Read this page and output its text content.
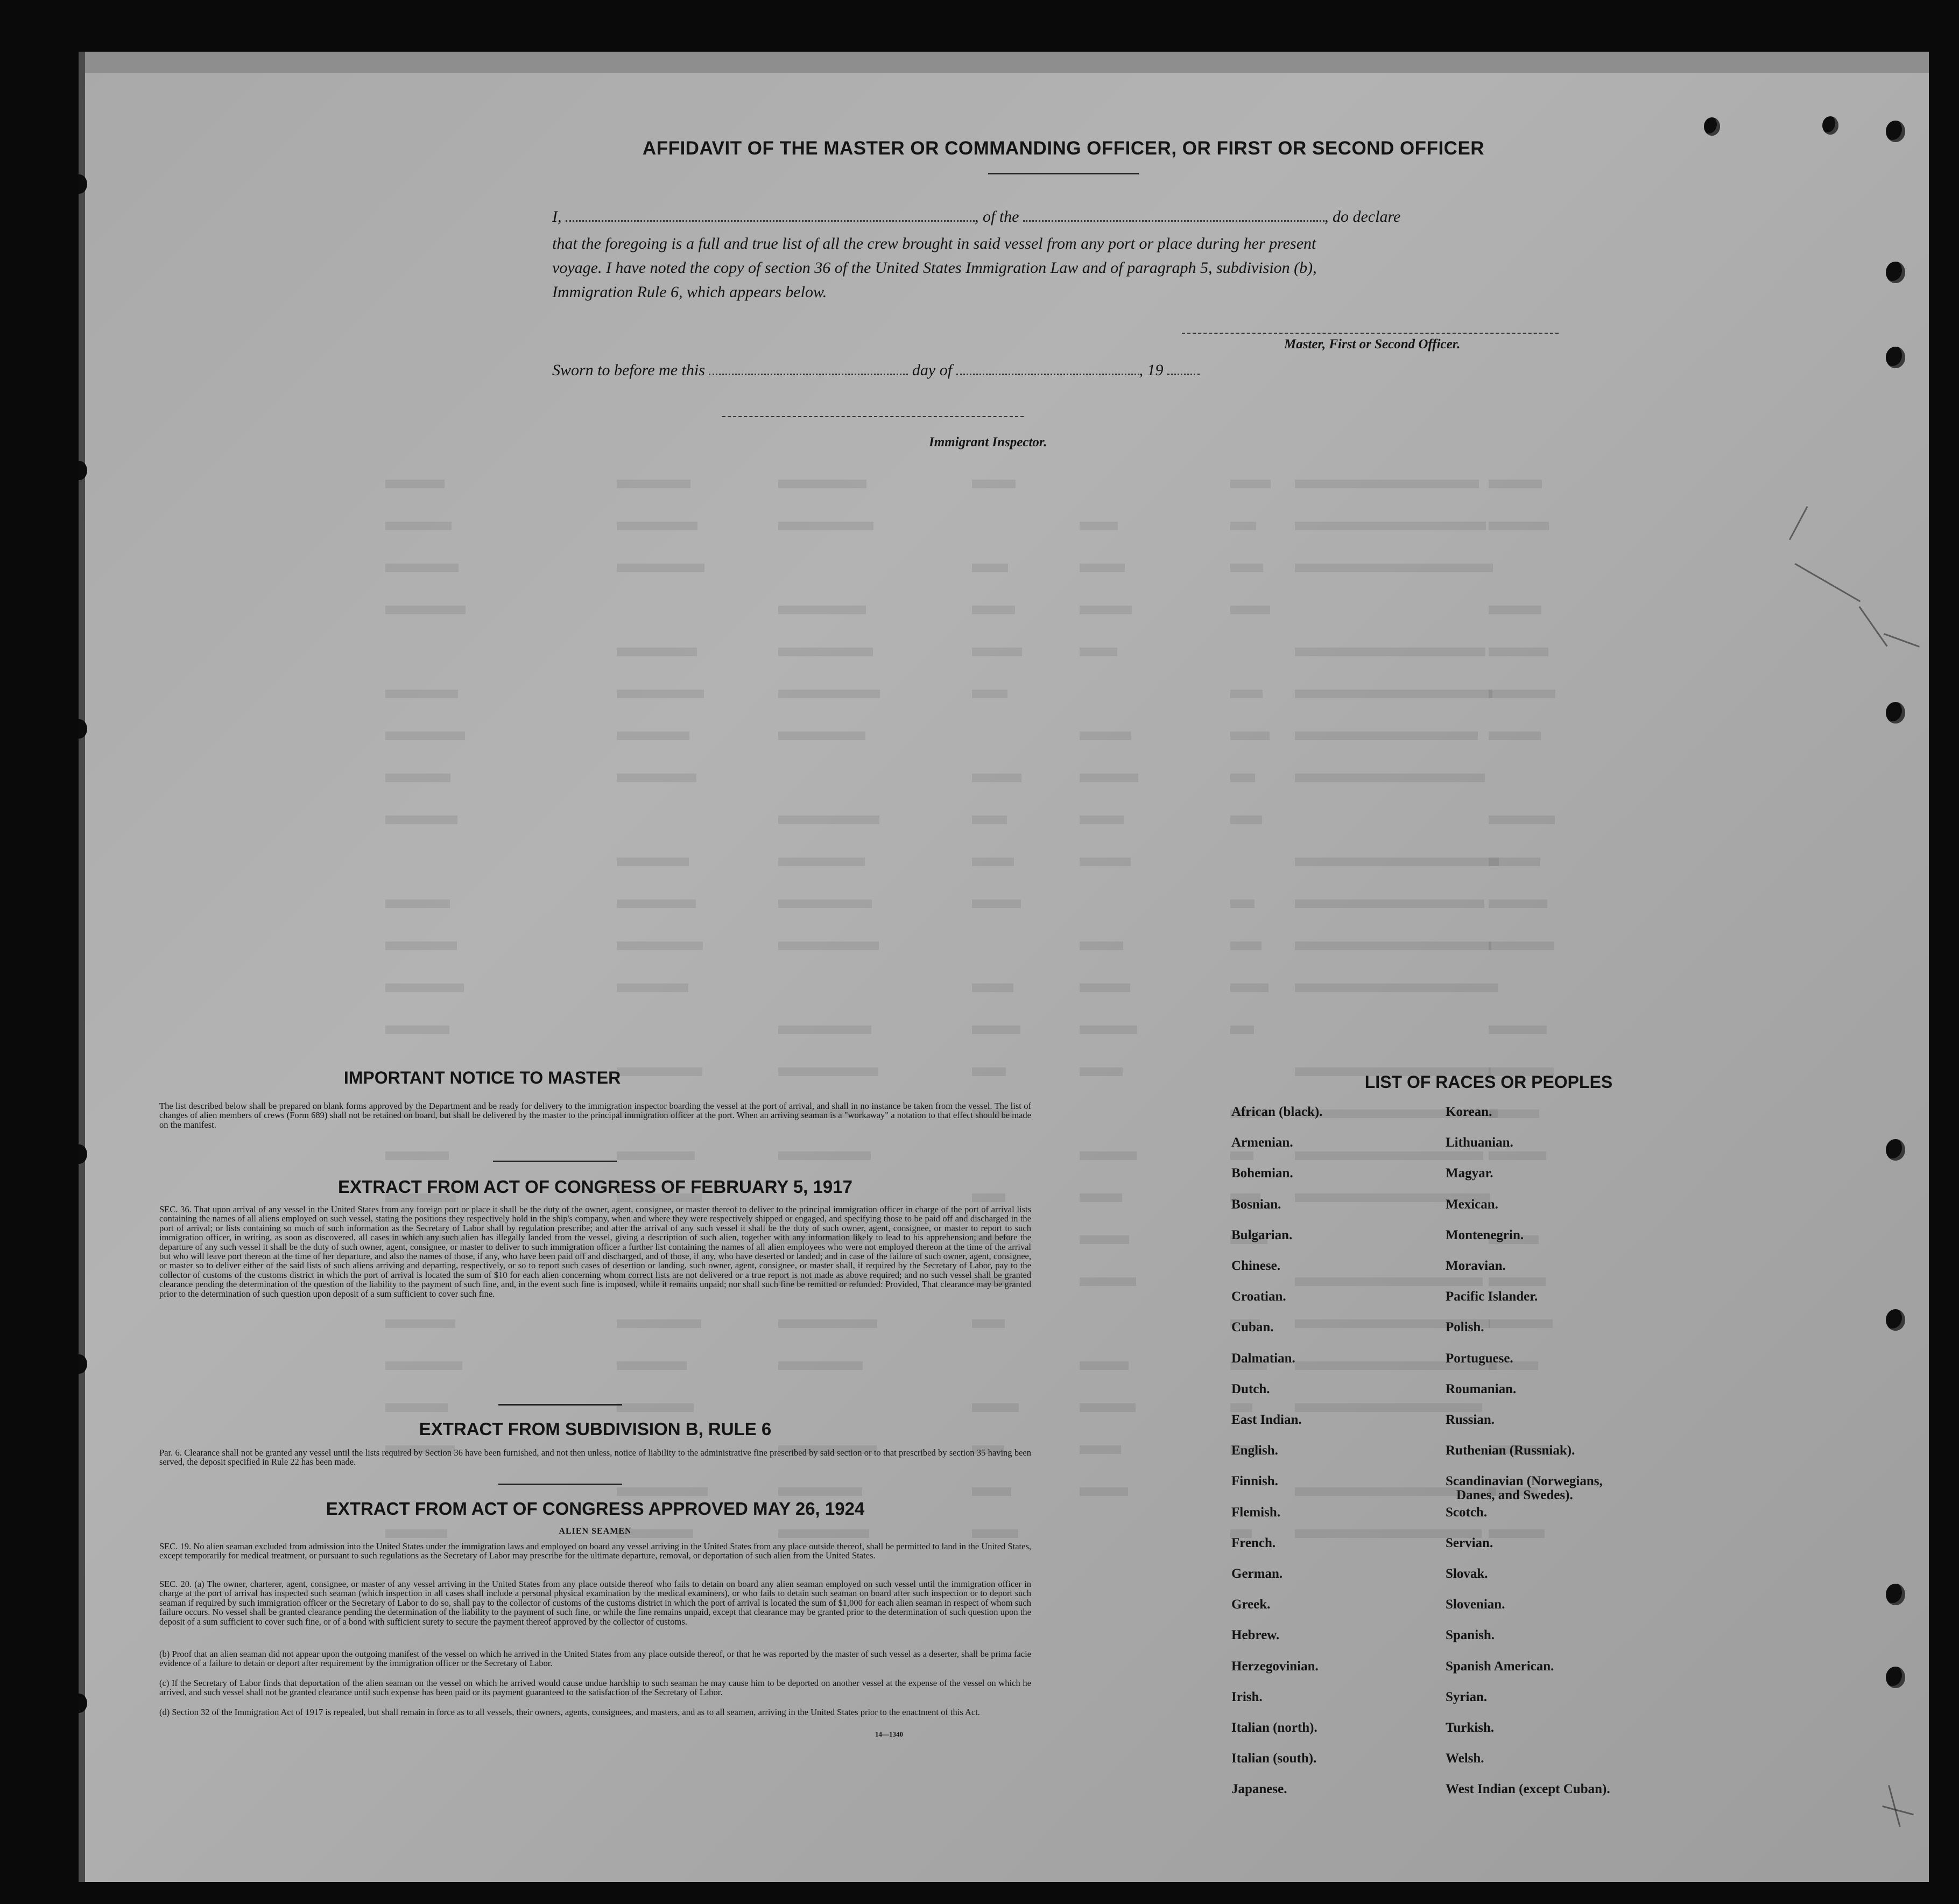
AFFIDAVIT OF THE MASTER OR COMMANDING OFFICER, OR FIRST OR SECOND OFFICER
I,	, of the	, do declare
that the foregoing is a full and true list of all the crew brought in said vessel from any port or place during her present
voyage. I have noted the copy of section 36 of the United States Immigration Law and of paragraph 5, subdivision (b),
Immigration Rule 6, which appears below.
Master, First or Second Officer.
Sworn to before me this	day of	, 19
Immigrant Inspector.
IMPORTANT NOTICE TO MASTER
The list described below shall be prepared on blank forms approved by the Department and be ready for delivery to the immigration inspector boarding the vessel at the port of arrival, and shall in no instance be taken from the vessel. The list of changes of alien members of crews (Form 689) shall not be retained on board, but shall be delivered by the master to the principal immigration officer at the port. When an arriving seaman is a "workaway" a notation to that effect should be made on the manifest.
EXTRACT FROM ACT OF CONGRESS OF FEBRUARY 5, 1917
SEC. 36. That upon arrival of any vessel in the United States from any foreign port or place it shall be the duty of the owner, agent, consignee, or master thereof to deliver to the principal immigration officer in charge of the port of arrival lists containing the names of all aliens employed on such vessel, stating the positions they respectively hold in the ship's company, when and where they were respectively shipped or engaged, and specifying those to be paid off and discharged in the port of arrival; or lists containing so much of such information as the Secretary of Labor shall by regulation prescribe; and after the arrival of any such vessel it shall be the duty of such owner, agent, consignee, or master to report to such immigration officer, in writing, as soon as discovered, all cases in which any such alien has illegally landed from the vessel, giving a description of such alien, together with any information likely to lead to his apprehension; and before the departure of any such vessel it shall be the duty of such owner, agent, consignee, or master to deliver to such immigration officer a further list containing the names of all alien employees who were not employed thereon at the time of the arrival but who will leave port thereon at the time of her departure, and also the names of those, if any, who have been paid off and discharged, and of those, if any, who have deserted or landed; and in case of the failure of such owner, agent, consignee, or master so to deliver either of the said lists of such aliens arriving and departing, respectively, or so to report such cases of desertion or landing, such owner, agent, consignee, or master shall, if required by the Secretary of Labor, pay to the collector of customs of the customs district in which the port of arrival is located the sum of $10 for each alien concerning whom correct lists are not delivered or a true report is not made as above required; and no such vessel shall be granted clearance pending the determination of the question of the liability to the payment of such fine, and, in the event such fine is imposed, while it remains unpaid; nor shall such fine be remitted or refunded: Provided, That clearance may be granted prior to the determination of such question upon deposit of a sum sufficient to cover such fine.
EXTRACT FROM SUBDIVISION B, RULE 6
Par. 6. Clearance shall not be granted any vessel until the lists required by Section 36 have been furnished, and not then unless, notice of liability to the administrative fine prescribed by said section or to that prescribed by section 35 having been served, the deposit specified in Rule 22 has been made.
EXTRACT FROM ACT OF CONGRESS APPROVED MAY 26, 1924
ALIEN SEAMEN
SEC. 19. No alien seaman excluded from admission into the United States under the immigration laws and employed on board any vessel arriving in the United States from any place outside thereof, shall be permitted to land in the United States, except temporarily for medical treatment, or pursuant to such regulations as the Secretary of Labor may prescribe for the ultimate departure, removal, or deportation of such alien from the United States.
SEC. 20. (a) The owner, charterer, agent, consignee, or master of any vessel arriving in the United States from any place outside thereof who fails to detain on board any alien seaman employed on such vessel until the immigration officer in charge at the port of arrival has inspected such seaman (which inspection in all cases shall include a personal physical examination by the medical examiners), or who fails to detain such seaman on board after such inspection or to deport such seaman if required by such immigration officer or the Secretary of Labor to do so, shall pay to the collector of customs of the customs district in which the port of arrival is located the sum of $1,000 for each alien seaman in respect of whom such failure occurs. No vessel shall be granted clearance pending the determination of the liability to the payment of such fine, or while the fine remains unpaid, except that clearance may be granted prior to the determination of such question upon the deposit of a sum sufficient to cover such fine, or of a bond with sufficient surety to secure the payment thereof approved by the collector of customs.
(b) Proof that an alien seaman did not appear upon the outgoing manifest of the vessel on which he arrived in the United States from any place outside thereof, or that he was reported by the master of such vessel as a deserter, shall be prima facie evidence of a failure to detain or deport after requirement by the immigration officer or the Secretary of Labor.
(c) If the Secretary of Labor finds that deportation of the alien seaman on the vessel on which he arrived would cause undue hardship to such seaman he may cause him to be deported on another vessel at the expense of the vessel on which he arrived, and such vessel shall not be granted clearance until such expense has been paid or its payment guaranteed to the satisfaction of the Secretary of Labor.
(d) Section 32 of the Immigration Act of 1917 is repealed, but shall remain in force as to all vessels, their owners, agents, consignees, and masters, and as to all seamen, arriving in the United States prior to the enactment of this Act.
14—1340
LIST OF RACES OR PEOPLES
African (black).
Armenian.
Bohemian.
Bosnian.
Bulgarian.
Chinese.
Croatian.
Cuban.
Dalmatian.
Dutch.
East Indian.
English.
Finnish.
Flemish.
French.
German.
Greek.
Hebrew.
Herzegovinian.
Irish.
Italian (north).
Italian (south).
Japanese.
Korean.
Lithuanian.
Magyar.
Mexican.
Montenegrin.
Moravian.
Pacific Islander.
Polish.
Portuguese.
Roumanian.
Russian.
Ruthenian (Russniak).
Scandinavian (Norwegians,
Danes, and Swedes).
Scotch.
Servian.
Slovak.
Slovenian.
Spanish.
Spanish American.
Syrian.
Turkish.
Welsh.
West Indian (except Cuban).
